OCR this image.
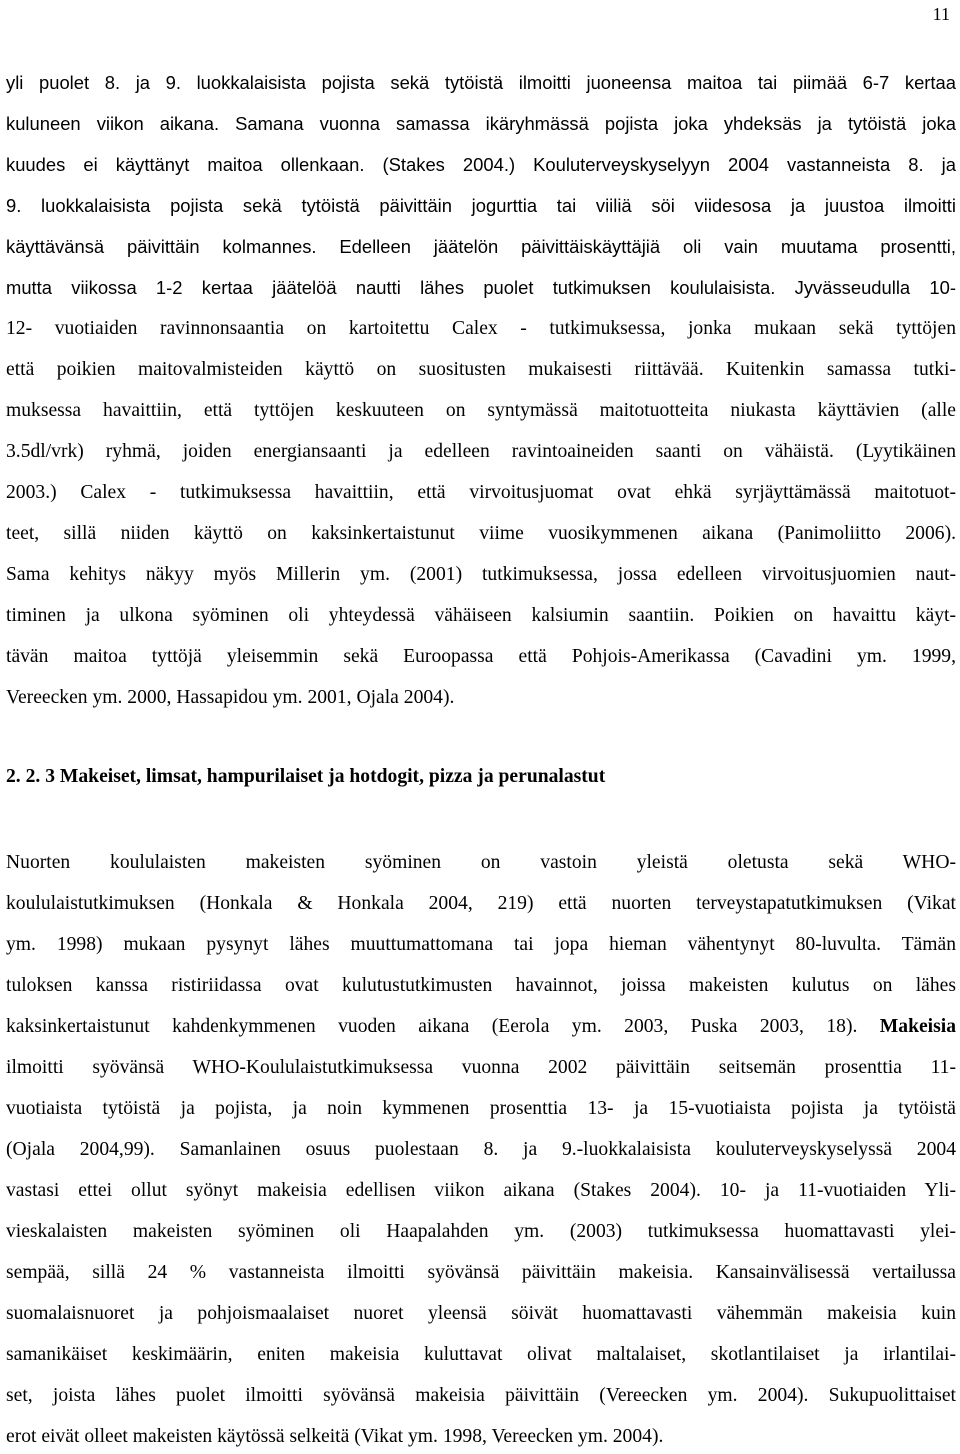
11
yli puolet 8. ja 9. luokkalaisista pojista sekä tytöistä ilmoitti juoneensa maitoa tai piimää 6-7 kertaa
kuluneen viikon aikana. Samana vuonna samassa ikäryhmässä pojista joka yhdeksäs ja tytöistä joka
kuudes ei käyttänyt maitoa ollenkaan. (Stakes 2004.) Kouluterveyskyselyyn 2004 vastanneista 8. ja
9. luokkalaisista pojista sekä tytöistä päivittäin jogurttia tai viiliä söi viidesosa ja juustoa ilmoitti
käyttävänsä päivittäin kolmannes. Edelleen jäätelön päivittäiskäyttäjiä oli vain muutama prosentti,
mutta viikossa 1-2 kertaa jäätelöä nautti lähes puolet tutkimuksen koululaisista. Jyvässeudulla 10-
12- vuotiaiden ravinnonsaantia on kartoitettu Calex - tutkimuksessa, jonka mukaan sekä tyttöjen
että poikien maitovalmisteiden käyttö on suositusten mukaisesti riittävää. Kuitenkin samassa tutki-
muksessa havaittiin, että tyttöjen keskuuteen on syntymässä maitotuotteita niukasta käyttävien (alle
3.5dl/vrk) ryhmä, joiden energiansaanti ja edelleen ravintoaineiden saanti on vähäistä. (Lyytikäinen
2003.) Calex - tutkimuksessa havaittiin, että virvoitusjuomat ovat ehkä syrjäyttämässä maitotuot-
teet, sillä niiden käyttö on kaksinkertaistunut viime vuosikymmenen aikana (Panimoliitto 2006).
Sama kehitys näkyy myös Millerin ym. (2001) tutkimuksessa, jossa edelleen virvoitusjuomien naut-
timinen ja ulkona syöminen oli yhteydessä vähäiseen kalsiumin saantiin. Poikien on havaittu käyt-
tävän maitoa tyttöjä yleisemmin sekä Euroopassa että Pohjois-Amerikassa (Cavadini ym. 1999,
Vereecken ym. 2000, Hassapidou ym. 2001, Ojala 2004).
2. 2. 3 Makeiset, limsat, hampurilaiset ja hotdogit, pizza ja perunalastut
Nuorten koululaisten makeisten syöminen on vastoin yleistä oletusta sekä WHO-
koululaistutkimuksen (Honkala & Honkala 2004, 219) että nuorten terveystapatutkimuksen (Vikat
ym. 1998) mukaan pysynyt lähes muuttumattomana tai jopa hieman vähentynyt 80-luvulta. Tämän
tuloksen kanssa ristiriidassa ovat kulutustutkimusten havainnot, joissa makeisten kulutus on lähes
kaksinkertaistunut kahdenkymmenen vuoden aikana (Eerola ym. 2003, Puska 2003, 18). Makeisia
ilmoitti syövänsä WHO-Koululaistutkimuksessa vuonna 2002 päivittäin seitsemän prosenttia 11-
vuotiaista tytöistä ja pojista, ja noin kymmenen prosenttia 13- ja 15-vuotiaista pojista ja tytöistä
(Ojala 2004,99). Samanlainen osuus puolestaan 8. ja 9.-luokkalaisista kouluterveyskyselyssä 2004
vastasi ettei ollut syönyt makeisia edellisen viikon aikana (Stakes 2004). 10- ja 11-vuotiaiden Yli-
vieskalaisten makeisten syöminen oli Haapalahden ym. (2003) tutkimuksessa huomattavasti ylei-
sempää, sillä 24 % vastanneista ilmoitti syövänsä päivittäin makeisia. Kansainvälisessä vertailussa
suomalaisnuoret ja pohjoismaalaiset nuoret yleensä söivät huomattavasti vähemmän makeisia kuin
samanikäiset keskimäärin, eniten makeisia kuluttavat olivat maltalaiset, skotlantilaiset ja irlantilai-
set, joista lähes puolet ilmoitti syövänsä makeisia päivittäin (Vereecken ym. 2004). Sukupuolittaiset
erot eivät olleet makeisten käytössä selkeitä (Vikat ym. 1998, Vereecken ym. 2004).
